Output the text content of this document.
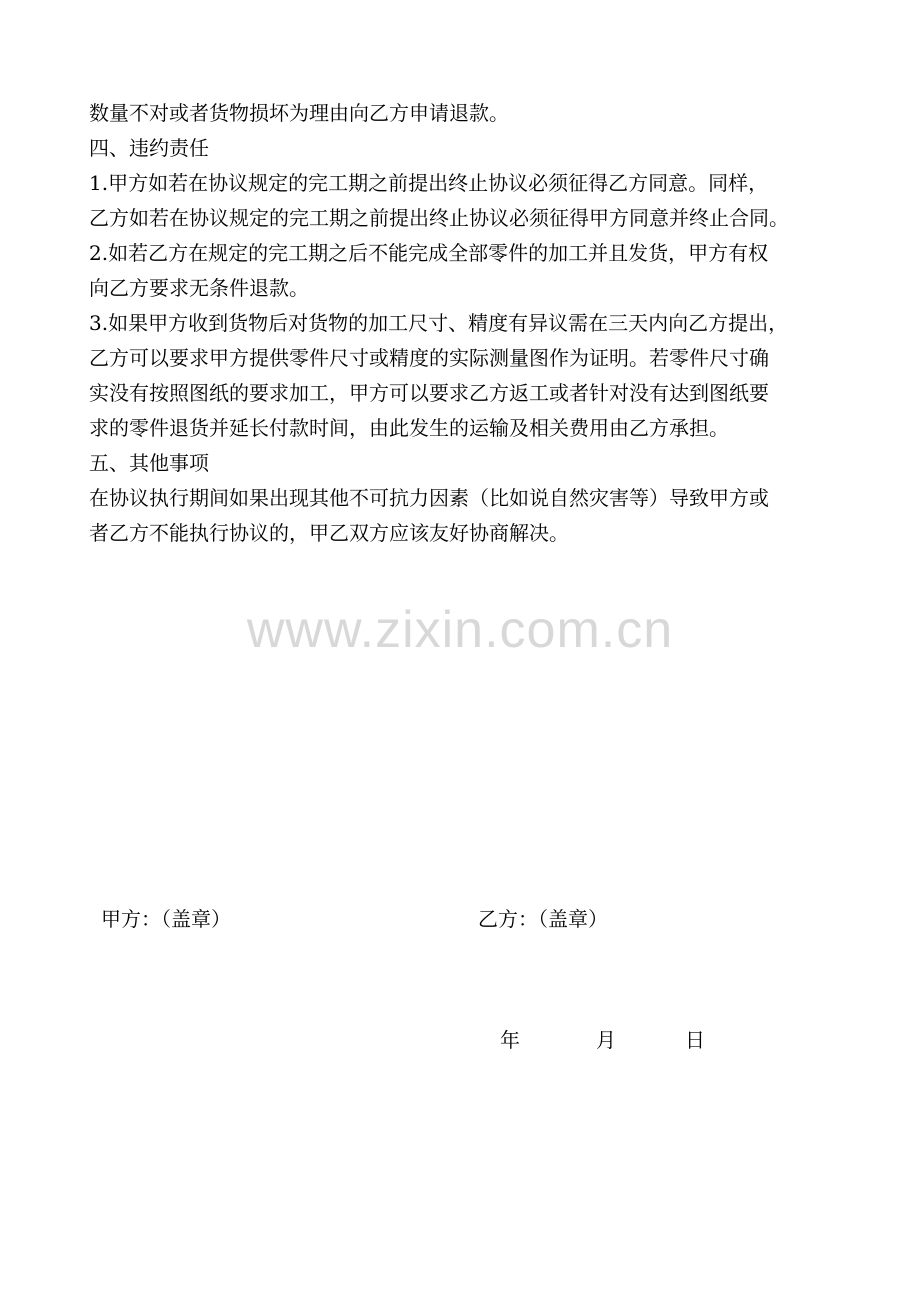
数量不对或者货物损坏为理由向乙方申请退款。
四、违约责任
1.甲方如若在协议规定的完工期之前提出终止协议必须征得乙方同意。同样，
乙方如若在协议规定的完工期之前提出终止协议必须征得甲方同意并终止合同。
2.如若乙方在规定的完工期之后不能完成全部零件的加工并且发货，甲方有权
向乙方要求无条件退款。
3.如果甲方收到货物后对货物的加工尺寸、精度有异议需在三天内向乙方提出，
乙方可以要求甲方提供零件尺寸或精度的实际测量图作为证明。若零件尺寸确
实没有按照图纸的要求加工，甲方可以要求乙方返工或者针对没有达到图纸要
求的零件退货并延长付款时间，由此发生的运输及相关费用由乙方承担。
五、其他事项
在协议执行期间如果出现其他不可抗力因素（比如说自然灾害等）导致甲方或
者乙方不能执行协议的，甲乙双方应该友好协商解决。
www.zixin.com.cn
甲方：（盖章）	乙方：（盖章）
年	月	日
